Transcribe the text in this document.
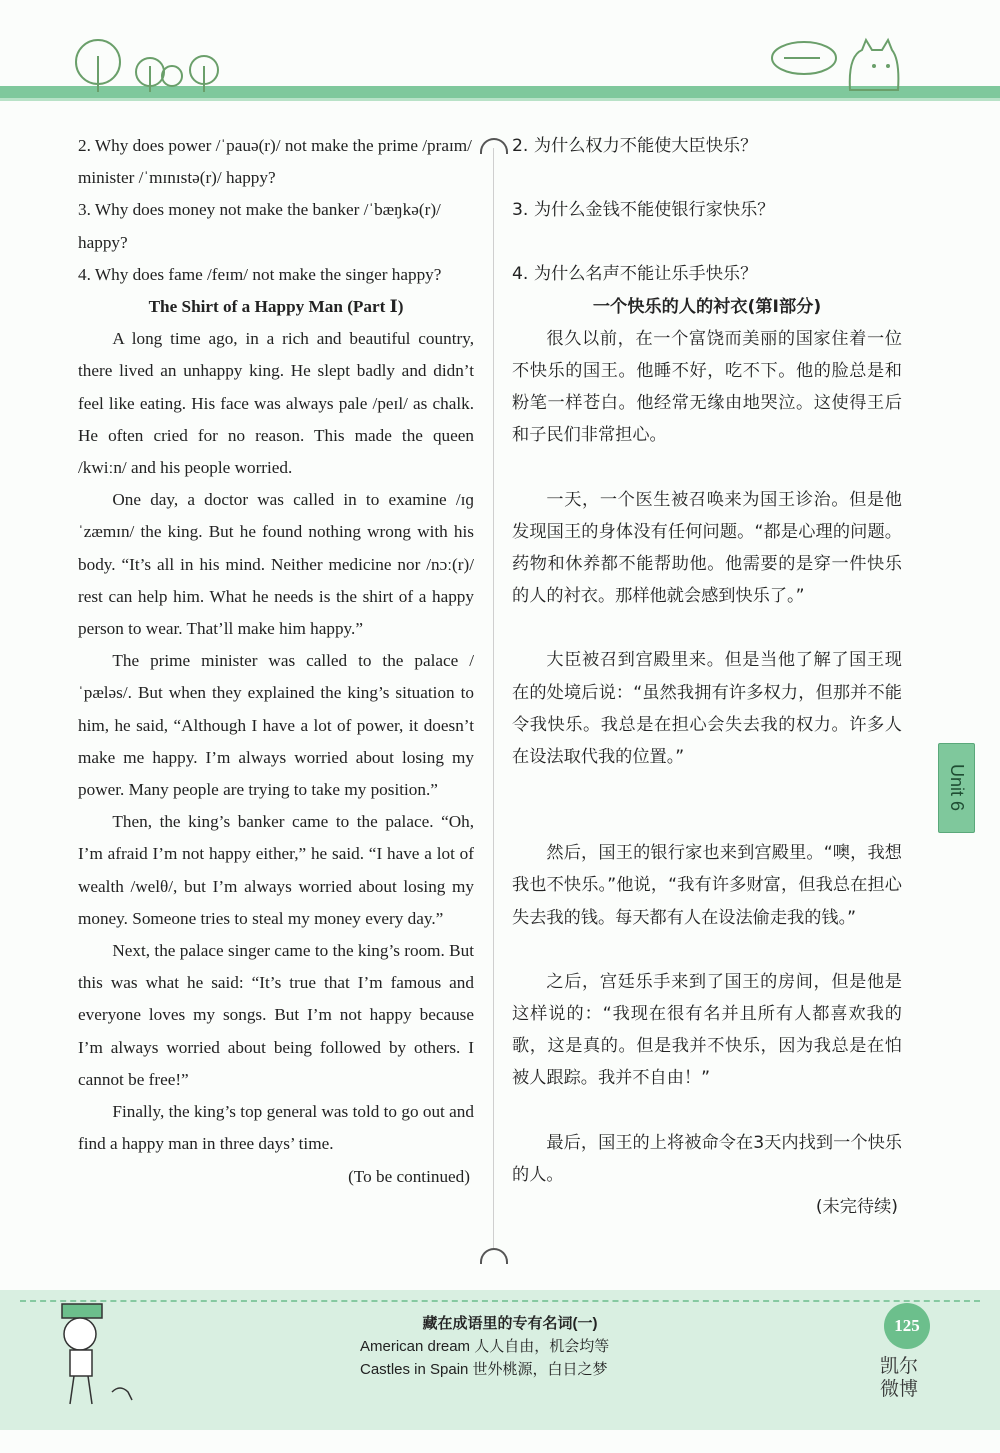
2. Why does power /ˈpauə(r)/ not make the prime /praɪm/ minister /ˈmɪnɪstə(r)/ happy?

3. Why does money not make the banker /ˈbæŋkə(r)/ happy?

4. Why does fame /feɪm/ not make the singer happy?

The Shirt of a Happy Man (Part Ⅰ)

A long time ago, in a rich and beautiful country, there lived an unhappy king. He slept badly and didn’t feel like eating. His face was always pale /peɪl/ as chalk. He often cried for no reason. This made the queen /kwiːn/ and his people worried.

One day, a doctor was called in to examine /ɪɡˈzæmɪn/ the king. But he found nothing wrong with his body. “It’s all in his mind. Neither medicine nor /nɔː(r)/ rest can help him. What he needs is the shirt of a happy person to wear. That’ll make him happy.”

The prime minister was called to the palace /ˈpæləs/. But when they explained the king’s situation to him, he said, “Although I have a lot of power, it doesn’t make me happy. I’m always worried about losing my power. Many people are trying to take my position.”

Then, the king’s banker came to the palace. “Oh, I’m afraid I’m not happy either,” he said. “I have a lot of wealth /welθ/, but I’m always worried about losing my money. Someone tries to steal my money every day.”

Next, the palace singer came to the king’s room. But this was what he said: “It’s true that I’m famous and everyone loves my songs. But I’m not happy because I’m always worried about being followed by others. I cannot be free!”

Finally, the king’s top general was told to go out and find a happy man in three days’ time.

(To be continued)

2. 为什么权力不能使大臣快乐？

3. 为什么金钱不能使银行家快乐？

4. 为什么名声不能让乐手快乐？

一个快乐的人的衬衣(第Ⅰ部分)

很久以前，在一个富饶而美丽的国家住着一位不快乐的国王。他睡不好，吃不下。他的脸总是和粉笔一样苍白。他经常无缘由地哭泣。这使得王后和子民们非常担心。

一天，一个医生被召唤来为国王诊治。但是他发现国王的身体没有任何问题。“都是心理的问题。药物和休养都不能帮助他。他需要的是穿一件快乐的人的衬衣。那样他就会感到快乐了。”

大臣被召到宫殿里来。但是当他了解了国王现在的处境后说：“虽然我拥有许多权力，但那并不能令我快乐。我总是在担心会失去我的权力。许多人在设法取代我的位置。”

然后，国王的银行家也来到宫殿里。“噢，我想我也不快乐。”他说，“我有许多财富，但我总在担心失去我的钱。每天都有人在设法偷走我的钱。”

之后，宫廷乐手来到了国王的房间，但是他是这样说的：“我现在很有名并且所有人都喜欢我的歌，这是真的。但是我并不快乐，因为我总是在怕被人跟踪。我并不自由！”

最后，国王的上将被命令在3天内找到一个快乐的人。

(未完待续)

Unit 6
藏在成语里的专有名词(一)
American dream 人人自由，机会均等
Castles in Spain 世外桃源，白日之梦
125
凯尔微博
